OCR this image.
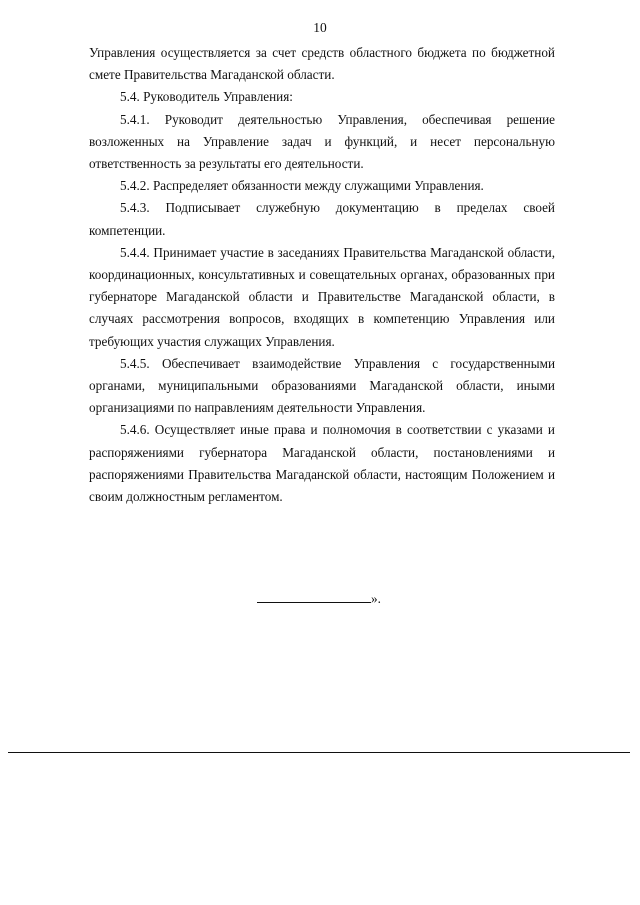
10

Управления осуществляется за счет средств областного бюджета по бюджетной смете Правительства Магаданской области.

5.4. Руководитель Управления:

5.4.1. Руководит деятельностью Управления, обеспечивая решение возложенных на Управление задач и функций, и несет персональную ответственность за результаты его деятельности.

5.4.2. Распределяет обязанности между служащими Управления.

5.4.3. Подписывает служебную документацию в пределах своей компетенции.

5.4.4. Принимает участие в заседаниях Правительства Магаданской области, координационных, консультативных и совещательных органах, образованных при губернаторе Магаданской области и Правительстве Магаданской области, в случаях рассмотрения вопросов, входящих в компетенцию Управления или требующих участия служащих Управления.

5.4.5. Обеспечивает взаимодействие Управления с государственными органами, муниципальными образованиями Магаданской области, иными организациями по направлениям деятельности Управления.

5.4.6. Осуществляет иные права и полномочия в соответствии с указами и распоряжениями губернатора Магаданской области, постановлениями и распоряжениями Правительства Магаданской области, настоящим Положением и своим должностным регламентом.

».
